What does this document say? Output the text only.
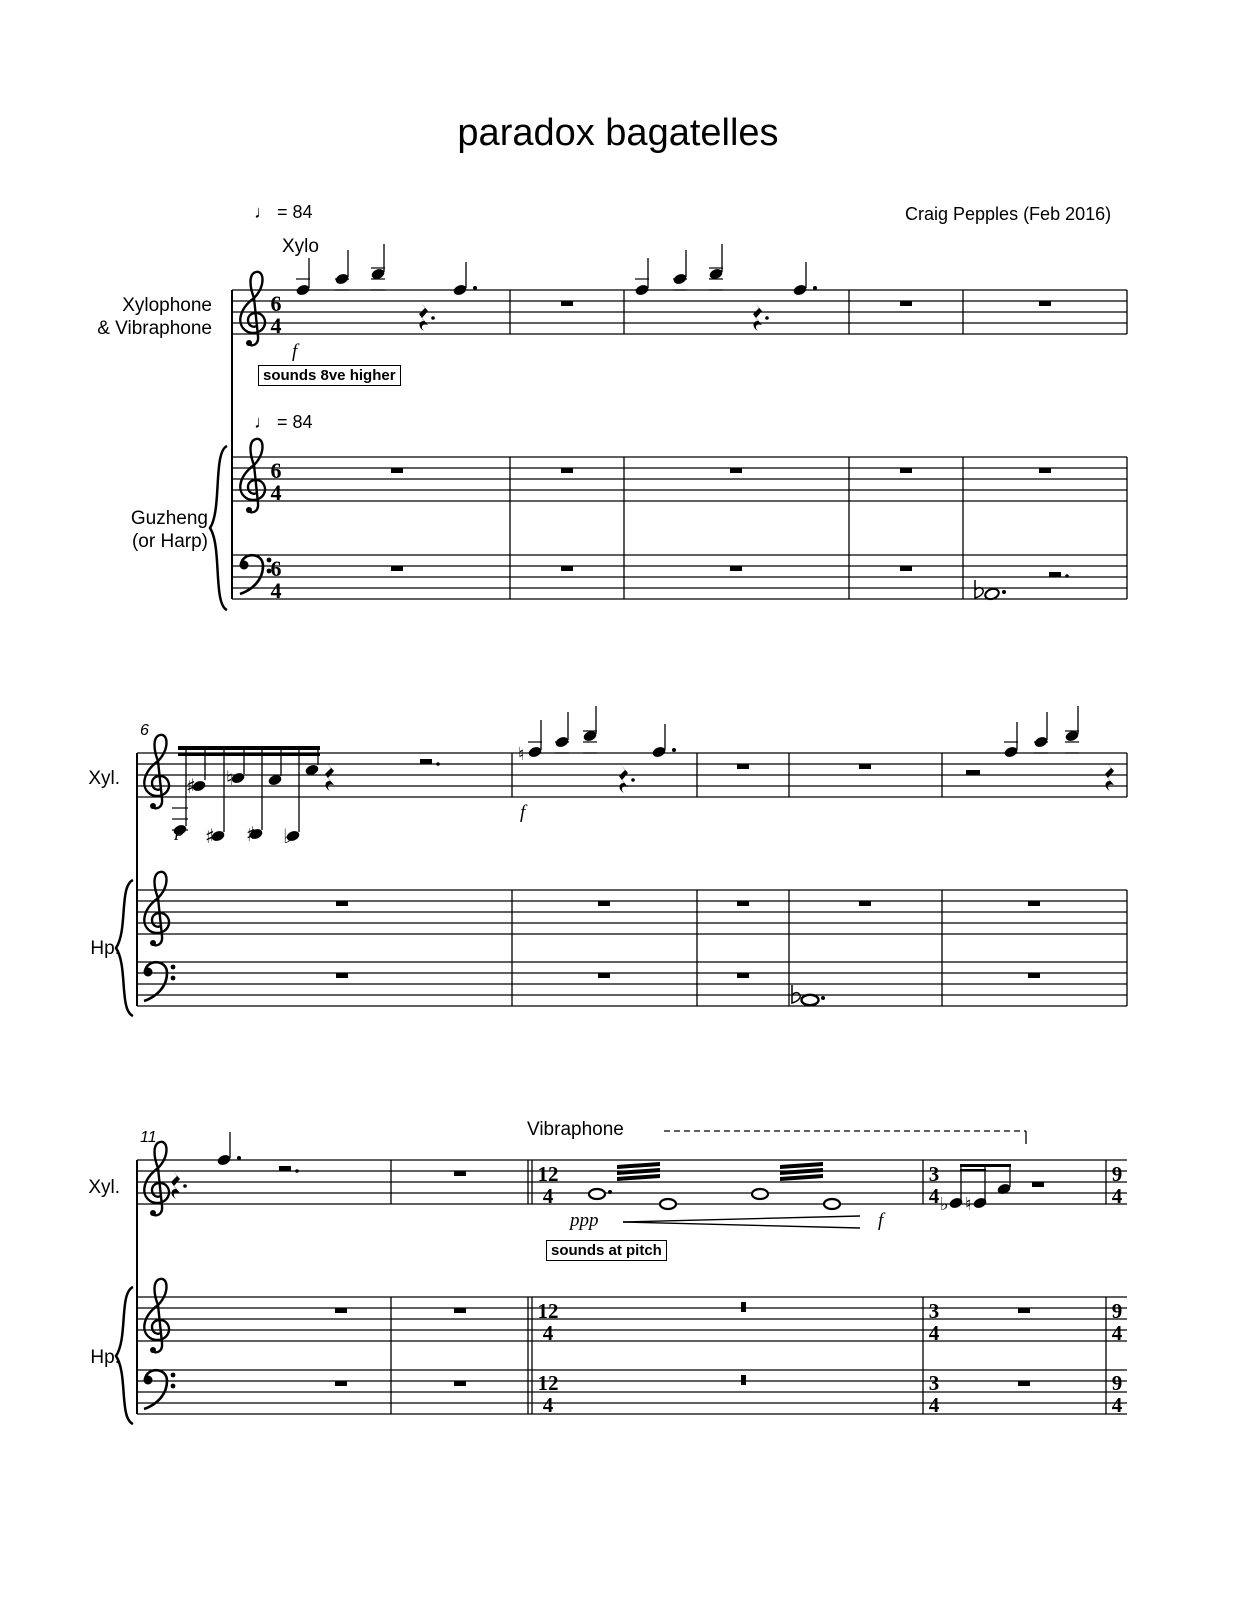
paradox bagatelles
Craig Pepples (Feb 2016)
♩ = 84
Xylo
Xylophone
& Vibraphone
f
sounds 8ve higher
♩ = 84
Guzheng
(or Harp)
6
Xyl.
f
Hp.
11	Vibraphone
Xyl.
ppp	f
sounds at pitch
Hp.
6
4
6
4
6
4
♯
♯
♮
♯ ♭
♮
12
4
12
4
12
4
3
4
3
4
3
4
9
4
9
4
9
4
♭ ♮
